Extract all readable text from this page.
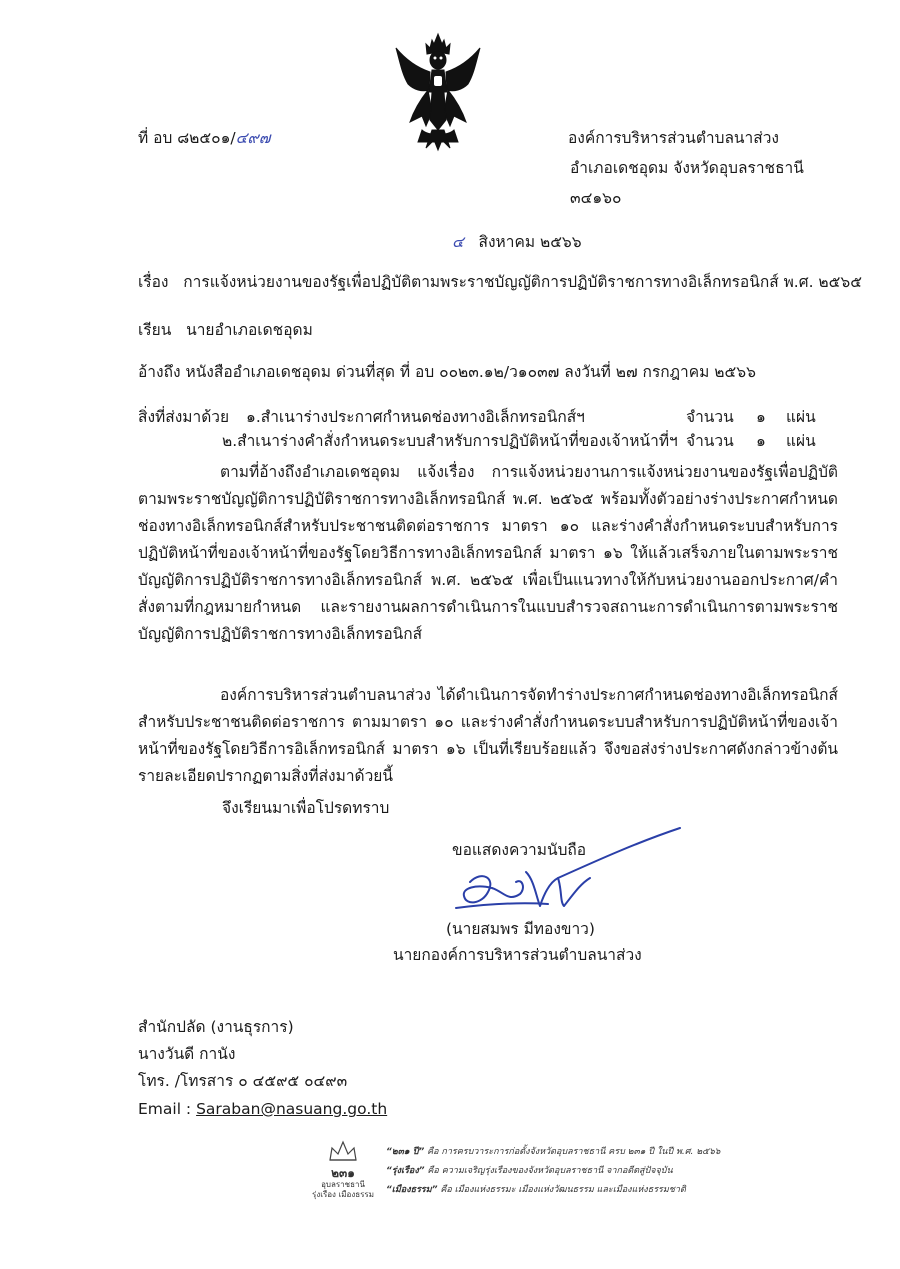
ที่ อบ ๘๒๕๐๑/๔๙๗	องค์การบริหารส่วนตำบลนาส่วง
อำเภอเดชอุดม จังหวัดอุบลราชธานี
๓๔๑๖๐
๔ สิงหาคม ๒๕๖๖
เรื่อง การแจ้งหน่วยงานของรัฐเพื่อปฏิบัติตามพระราชบัญญัติการปฏิบัติราชการทางอิเล็กทรอนิกส์ พ.ศ. ๒๕๖๕
เรียน นายอำเภอเดชอุดม
อ้างถึง หนังสืออำเภอเดชอุดม ด่วนที่สุด ที่ อบ ๐๐๒๓.๑๒/ว๑๐๓๗ ลงวันที่ ๒๗ กรกฎาคม ๒๕๖๖
สิ่งที่ส่งมาด้วย ๑.สำเนาร่างประกาศกำหนดช่องทางอิเล็กทรอนิกส์ฯ	จำนวน ๑ แผ่น
๒.สำเนาร่างคำสั่งกำหนดระบบสำหรับการปฏิบัติหน้าที่ของเจ้าหน้าที่ฯ จำนวน ๑ แผ่น
ตามที่อ้างถึงอำเภอเดชอุดม แจ้งเรื่อง การแจ้งหน่วยงานการแจ้งหน่วยงานของรัฐเพื่อปฏิบัติตามพระราชบัญญัติการปฏิบัติราชการทางอิเล็กทรอนิกส์ พ.ศ. ๒๕๖๕ พร้อมทั้งตัวอย่างร่างประกาศกำหนดช่องทางอิเล็กทรอนิกส์สำหรับประชาชนติดต่อราชการ มาตรา ๑๐ และร่างคำสั่งกำหนดระบบสำหรับการปฏิบัติหน้าที่ของเจ้าหน้าที่ของรัฐโดยวิธีการทางอิเล็กทรอนิกส์ มาตรา ๑๖ ให้แล้วเสร็จภายในตามพระราชบัญญัติการปฏิบัติราชการทางอิเล็กทรอนิกส์ พ.ศ. ๒๕๖๕ เพื่อเป็นแนวทางให้กับหน่วยงานออกประกาศ/คำสั่งตามที่กฎหมายกำหนด และรายงานผลการดำเนินการในแบบสำรวจสถานะการดำเนินการตามพระราชบัญญัติการปฏิบัติราชการทางอิเล็กทรอนิกส์
องค์การบริหารส่วนตำบลนาส่วง ได้ดำเนินการจัดทำร่างประกาศกำหนดช่องทางอิเล็กทรอนิกส์สำหรับประชาชนติดต่อราชการ ตามมาตรา ๑๐ และร่างคำสั่งกำหนดระบบสำหรับการปฏิบัติหน้าที่ของเจ้าหน้าที่ของรัฐโดยวิธีการอิเล็กทรอนิกส์ มาตรา ๑๖ เป็นที่เรียบร้อยแล้ว จึงขอส่งร่างประกาศดังกล่าวข้างต้นรายละเอียดปรากฏตามสิ่งที่ส่งมาด้วยนี้
จึงเรียนมาเพื่อโปรดทราบ
ขอแสดงความนับถือ
(นายสมพร มีทองขาว)
นายกองค์การบริหารส่วนตำบลนาส่วง
สำนักปลัด (งานธุรการ)
นางวันดี กานัง
โทร. /โทรสาร ๐ ๔๕๙๕ ๐๔๙๓
Email : Saraban@nasuang.go.th
๒๓๑
อุบลราชธานี
รุ่งเรือง เมืองธรรม
“๒๓๑ ปี” คือ การครบวาระการก่อตั้งจังหวัดอุบลราชธานี ครบ ๒๓๑ ปี ในปี พ.ศ. ๒๕๖๖
“รุ่งเรือง” คือ ความเจริญรุ่งเรืองของจังหวัดอุบลราชธานี จากอดีตสู่ปัจจุบัน
“เมืองธรรม” คือ เมืองแห่งธรรมะ เมืองแห่งวัฒนธรรม และเมืองแห่งธรรมชาติ
